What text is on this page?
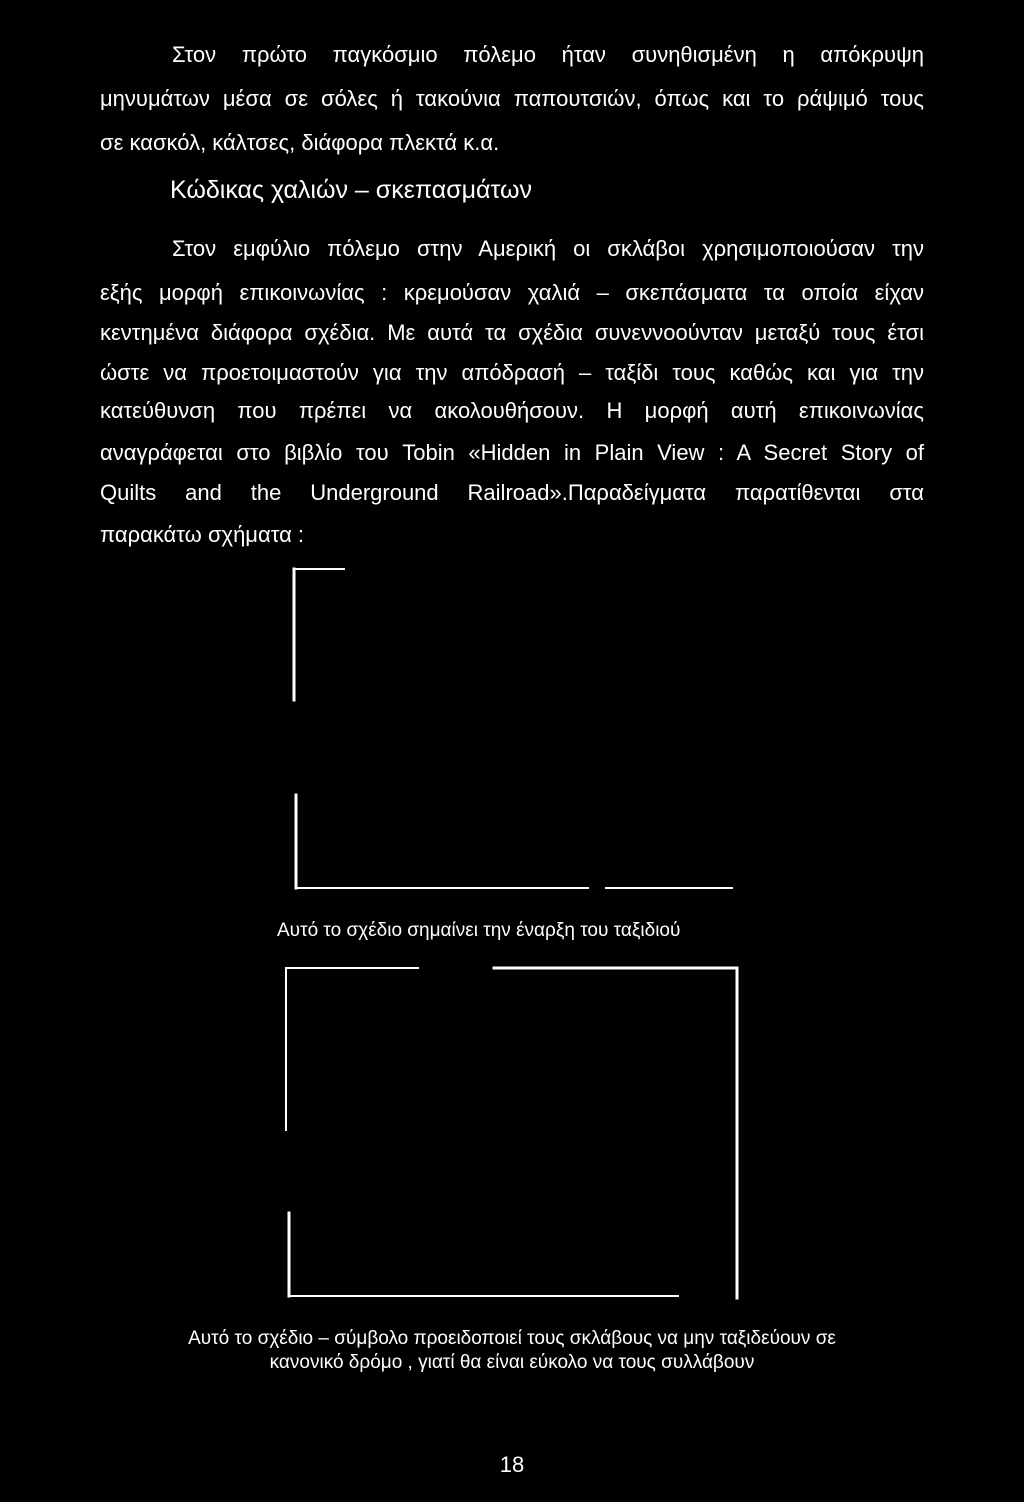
Στον πρώτο παγκόσμιο πόλεμο ήταν συνηθισμένη η απόκρυψη
μηνυμάτων μέσα σε σόλες ή τακούνια παπουτσιών, όπως και το ράψιμό τους
σε κασκόλ, κάλτσες, διάφορα πλεκτά κ.α.
Κώδικας χαλιών – σκεπασμάτων
Στον εμφύλιο πόλεμο στην Αμερική οι σκλάβοι χρησιμοποιούσαν την
εξής μορφή επικοινωνίας : κρεμούσαν χαλιά – σκεπάσματα τα οποία είχαν
κεντημένα διάφορα σχέδια. Με αυτά τα σχέδια συνεννοούνταν μεταξύ τους έτσι
ώστε να προετοιμαστούν για την απόδρασή – ταξίδι τους καθώς και για την
κατεύθυνση που πρέπει να ακολουθήσουν. Η μορφή αυτή επικοινωνίας
αναγράφεται στο βιβλίο του Tobin «Hidden in Plain View : A Secret Story of
Quilts and the Underground Railroad».Παραδείγματα παρατίθενται στα
παρακάτω σχήματα :
Αυτό το σχέδιο σημαίνει την έναρξη του ταξιδιού
Αυτό το σχέδιο – σύμβολο προειδοποιεί τους σκλάβους να μην ταξιδεύουν σε
κανονικό δρόμο , γιατί θα είναι εύκολο να τους συλλάβουν
18
